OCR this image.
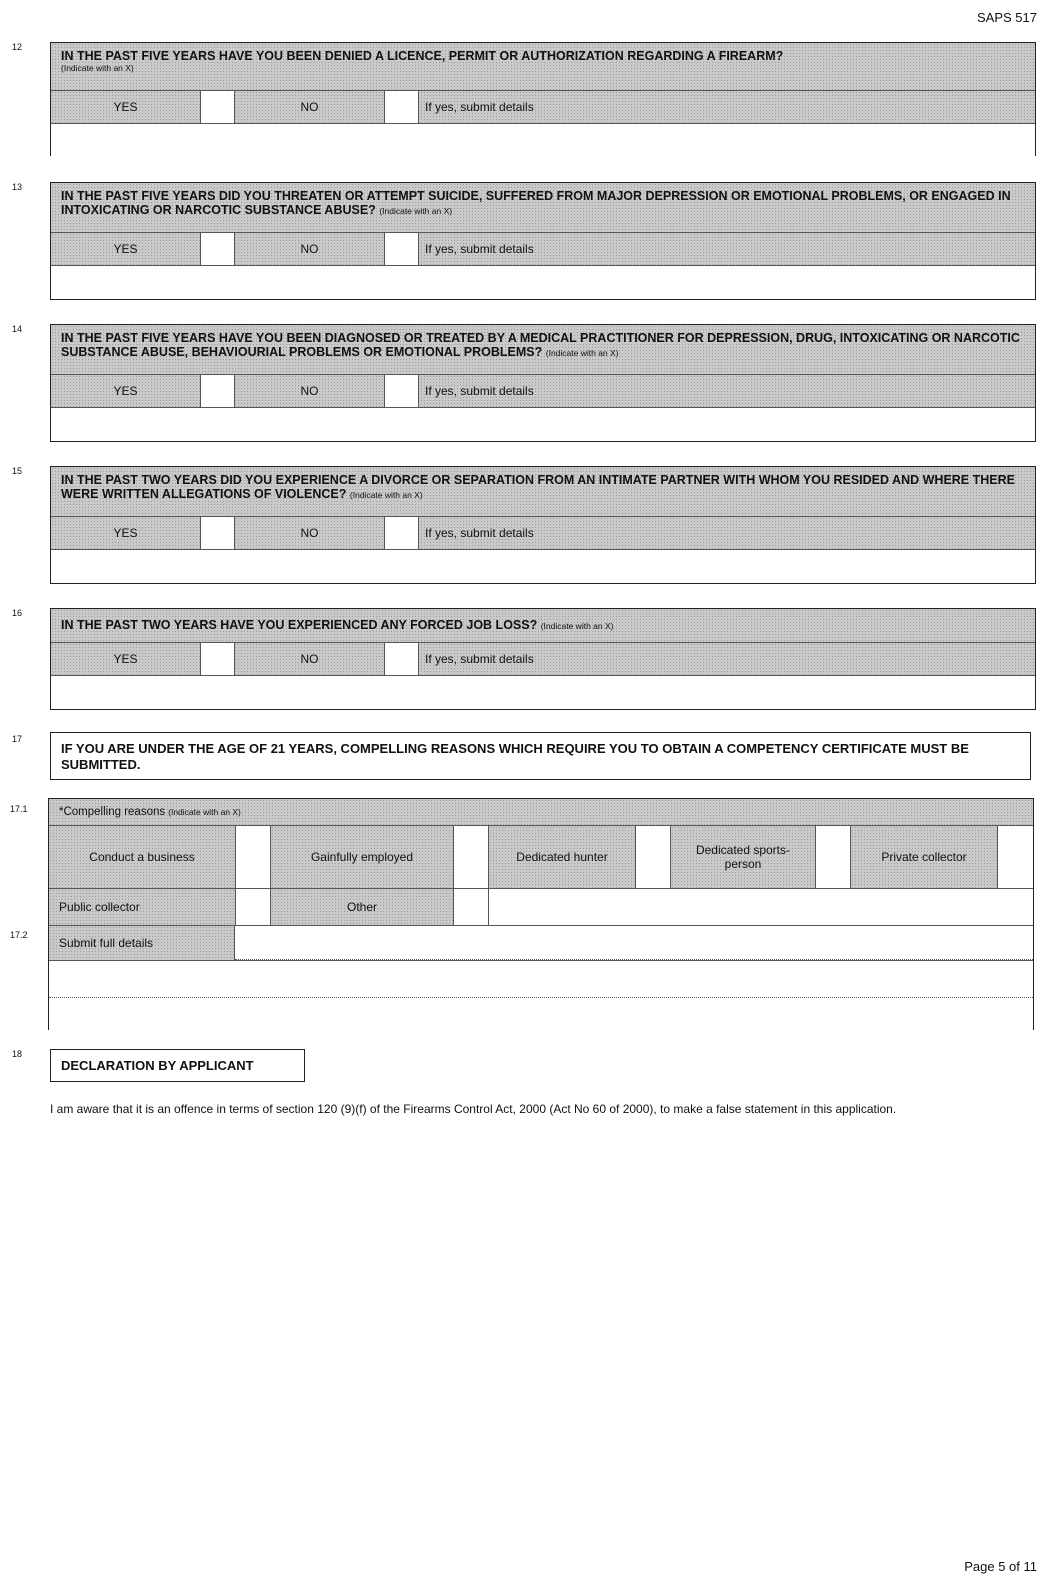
SAPS 517
12
IN THE PAST FIVE YEARS HAVE YOU BEEN DENIED A LICENCE, PERMIT OR AUTHORIZATION REGARDING A FIREARM?
(Indicate with an X)
YES	NO	If yes, submit details
13
IN THE PAST FIVE YEARS DID YOU THREATEN OR ATTEMPT SUICIDE, SUFFERED FROM MAJOR DEPRESSION OR EMOTIONAL PROBLEMS, OR ENGAGED IN INTOXICATING OR NARCOTIC SUBSTANCE ABUSE? (Indicate with an X)
YES	NO	If yes, submit details
14
IN THE PAST FIVE YEARS HAVE YOU BEEN DIAGNOSED OR TREATED BY A MEDICAL PRACTITIONER FOR DEPRESSION, DRUG, INTOXICATING OR NARCOTIC SUBSTANCE ABUSE, BEHAVIOURIAL PROBLEMS OR EMOTIONAL PROBLEMS? (Indicate with an X)
YES	NO	If yes, submit details
15
IN THE PAST TWO YEARS DID YOU EXPERIENCE A DIVORCE OR SEPARATION FROM AN INTIMATE PARTNER WITH WHOM YOU RESIDED AND WHERE THERE WERE WRITTEN ALLEGATIONS OF VIOLENCE? (Indicate with an X)
YES	NO	If yes, submit details
16
IN THE PAST TWO YEARS HAVE YOU EXPERIENCED ANY FORCED JOB LOSS? (Indicate with an X)
YES	NO	If yes, submit details
17
IF YOU ARE UNDER THE AGE OF 21 YEARS, COMPELLING REASONS WHICH REQUIRE YOU TO OBTAIN A COMPETENCY CERTIFICATE MUST BE SUBMITTED.
17.1
17.2
*Compelling reasons (Indicate with an X)
Conduct a business	Gainfully employed	Dedicated hunter	Dedicated sports-person	Private collector
Public collector	Other
Submit full details
18
DECLARATION BY APPLICANT
I am aware that it is an offence in terms of section 120 (9)(f) of the Firearms Control Act, 2000 (Act No 60 of 2000), to make a false statement in this application.
Page 5 of 11
